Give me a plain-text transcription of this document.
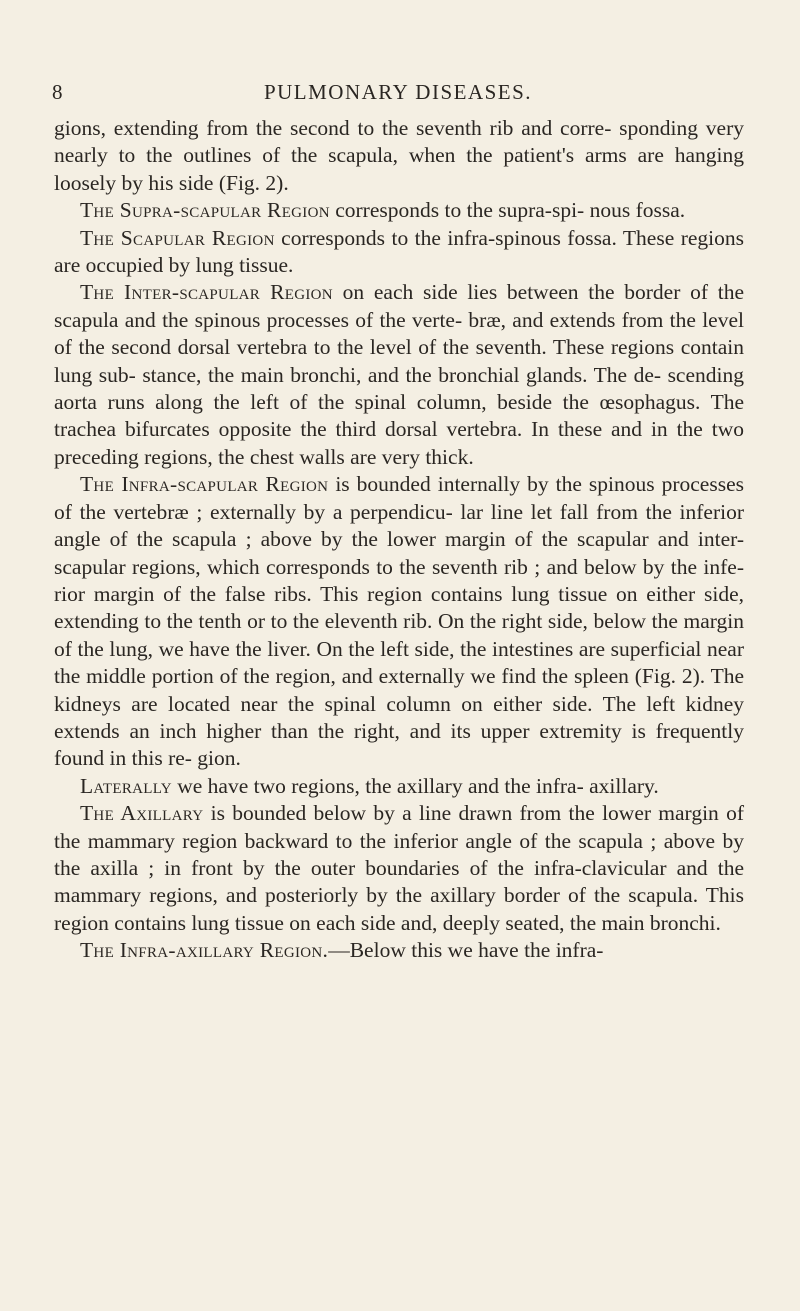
8	PULMONARY DISEASES.

gions, extending from the second to the seventh rib and corre- sponding very nearly to the outlines of the scapula, when the patient's arms are hanging loosely by his side (Fig. 2).

The Supra-scapular Region corresponds to the supra-spi- nous fossa.

The Scapular Region corresponds to the infra-spinous fossa. These regions are occupied by lung tissue.

The Inter-scapular Region on each side lies between the border of the scapula and the spinous processes of the verte- bræ, and extends from the level of the second dorsal vertebra to the level of the seventh. These regions contain lung sub- stance, the main bronchi, and the bronchial glands. The de- scending aorta runs along the left of the spinal column, beside the œsophagus. The trachea bifurcates opposite the third dorsal vertebra. In these and in the two preceding regions, the chest walls are very thick.

The Infra-scapular Region is bounded internally by the spinous processes of the vertebræ ; externally by a perpendicu- lar line let fall from the inferior angle of the scapula ; above by the lower margin of the scapular and inter-scapular regions, which corresponds to the seventh rib ; and below by the infe- rior margin of the false ribs. This region contains lung tissue on either side, extending to the tenth or to the eleventh rib. On the right side, below the margin of the lung, we have the liver. On the left side, the intestines are superficial near the middle portion of the region, and externally we find the spleen (Fig. 2). The kidneys are located near the spinal column on either side. The left kidney extends an inch higher than the right, and its upper extremity is frequently found in this re- gion.

Laterally we have two regions, the axillary and the infra- axillary.

The Axillary is bounded below by a line drawn from the lower margin of the mammary region backward to the inferior angle of the scapula ; above by the axilla ; in front by the outer boundaries of the infra-clavicular and the mammary regions, and posteriorly by the axillary border of the scapula. This region contains lung tissue on each side and, deeply seated, the main bronchi.

The Infra-axillary Region.—Below this we have the infra-
